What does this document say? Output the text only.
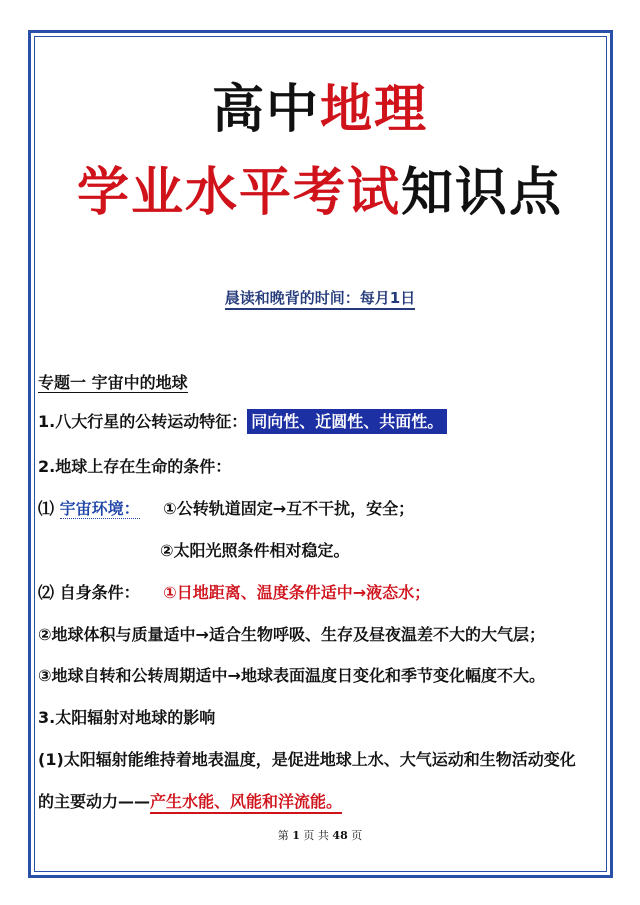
高中地理
学业水平考试知识点
晨读和晚背的时间：每月1日
专题一 宇宙中的地球
1.八大行星的公转运动特征： 同向性、近圆性、共面性。
2.地球上存在生命的条件：
⑴ 宇宙环境： ①公转轨道固定→互不干扰，安全；
②太阳光照条件相对稳定。
⑵ 自身条件： ①日地距离、温度条件适中→液态水；
②地球体积与质量适中→适合生物呼吸、生存及昼夜温差不大的大气层；
③地球自转和公转周期适中→地球表面温度日变化和季节变化幅度不大。
3.太阳辐射对地球的影响
(1)太阳辐射能维持着地表温度，是促进地球上水、大气运动和生物活动变化
的主要动力——产生水能、风能和洋流能。
第 1 页 共 48 页
